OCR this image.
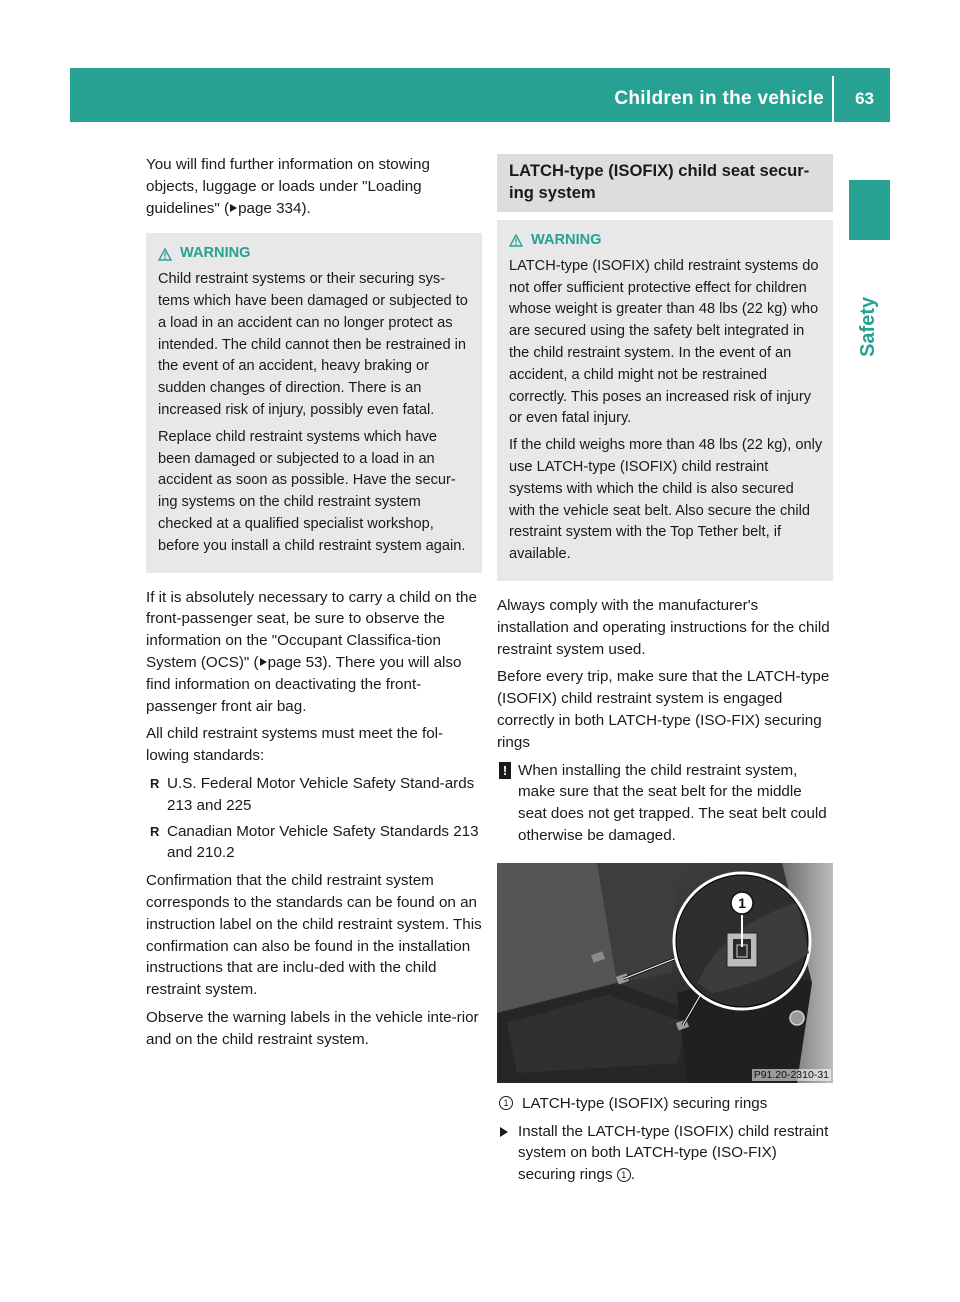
Children in the vehicle 63
Safety

You will find further information on stowing objects, luggage or loads under "Loading guidelines" ( page 334).

WARNING

Child restraint systems or their securing sys-tems which have been damaged or subjected to a load in an accident can no longer protect as intended. The child cannot then be restrained in the event of an accident, heavy braking or sudden changes of direction. There is an increased risk of injury, possibly even fatal.

Replace child restraint systems which have been damaged or subjected to a load in an accident as soon as possible. Have the secur-ing systems on the child restraint system checked at a qualified specialist workshop, before you install a child restraint system again.

If it is absolutely necessary to carry a child on the front-passenger seat, be sure to observe the information on the "Occupant Classifica-tion System (OCS)" ( page 53). There you will also find information on deactivating the front-passenger front air bag.

All child restraint systems must meet the fol-lowing standards:

R U.S. Federal Motor Vehicle Safety Stand-ards 213 and 225
R Canadian Motor Vehicle Safety Standards 213 and 210.2

Confirmation that the child restraint system corresponds to the standards can be found on an instruction label on the child restraint system. This confirmation can also be found in the installation instructions that are inclu-ded with the child restraint system.

Observe the warning labels in the vehicle inte-rior and on the child restraint system.

LATCH-type (ISOFIX) child seat secur-ing system
WARNING

LATCH-type (ISOFIX) child restraint systems do not offer sufficient protective effect for children whose weight is greater than 48 lbs (22 kg) who are secured using the safety belt integrated in the child restraint system. In the event of an accident, a child might not be restrained correctly. This poses an increased risk of injury or even fatal injury.

If the child weighs more than 48 lbs (22 kg), only use LATCH-type (ISOFIX) child restraint systems with which the child is also secured with the vehicle seat belt. Also secure the child restraint system with the Top Tether belt, if available.

Always comply with the manufacturer's installation and operating instructions for the child restraint system used.

Before every trip, make sure that the LATCH-type (ISOFIX) child restraint system is engaged correctly in both LATCH-type (ISO-FIX) securing rings

! When installing the child restraint system, make sure that the seat belt for the middle seat does not get trapped. The seat belt could otherwise be damaged.
1
P91.20-2310-31
1 LATCH-type (ISOFIX) securing rings
Install the LATCH-type (ISOFIX) child restraint system on both LATCH-type (ISO-FIX) securing rings 1 .
